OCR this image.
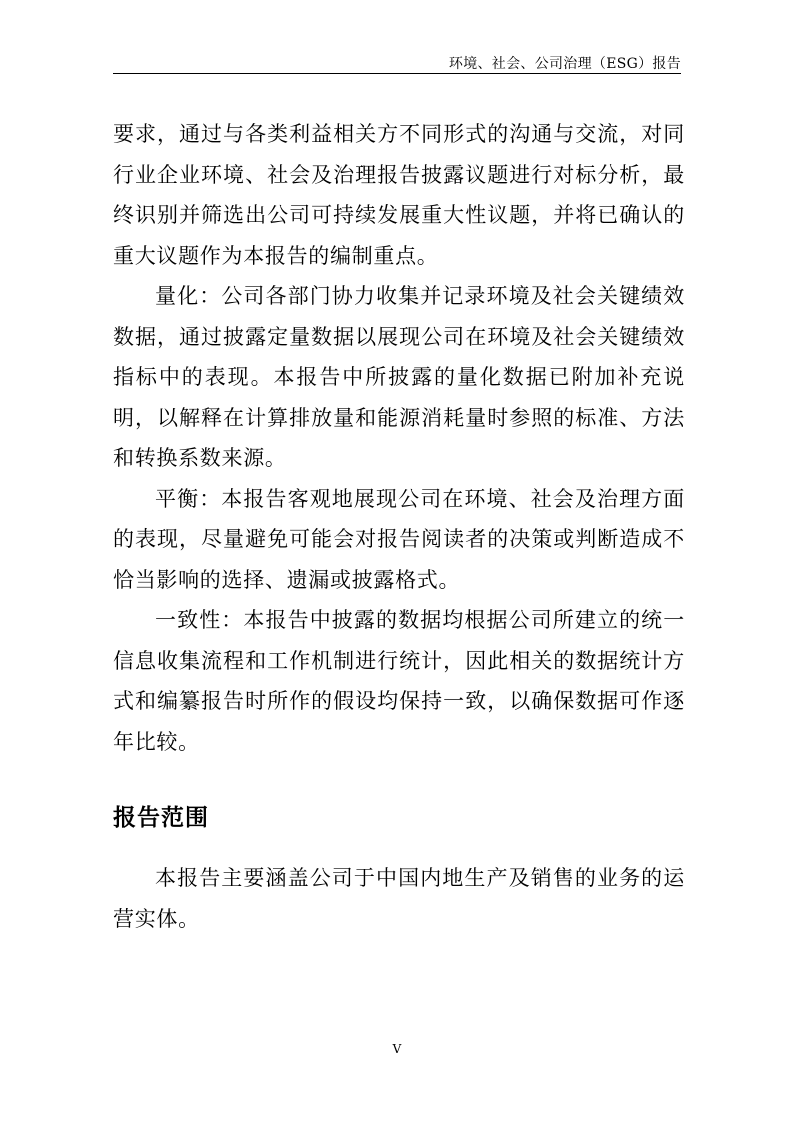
环境、社会、公司治理（ESG）报告

要求，通过与各类利益相关方不同形式的沟通与交流，对同行业企业环境、社会及治理报告披露议题进行对标分析，最终识别并筛选出公司可持续发展重大性议题，并将已确认的重大议题作为本报告的编制重点。

量化：公司各部门协力收集并记录环境及社会关键绩效数据，通过披露定量数据以展现公司在环境及社会关键绩效指标中的表现。本报告中所披露的量化数据已附加补充说明，以解释在计算排放量和能源消耗量时参照的标准、方法和转换系数来源。

平衡：本报告客观地展现公司在环境、社会及治理方面的表现，尽量避免可能会对报告阅读者的决策或判断造成不恰当影响的选择、遗漏或披露格式。

一致性：本报告中披露的数据均根据公司所建立的统一信息收集流程和工作机制进行统计，因此相关的数据统计方式和编纂报告时所作的假设均保持一致，以确保数据可作逐年比较。

报告范围

本报告主要涵盖公司于中国内地生产及销售的业务的运营实体。

V
